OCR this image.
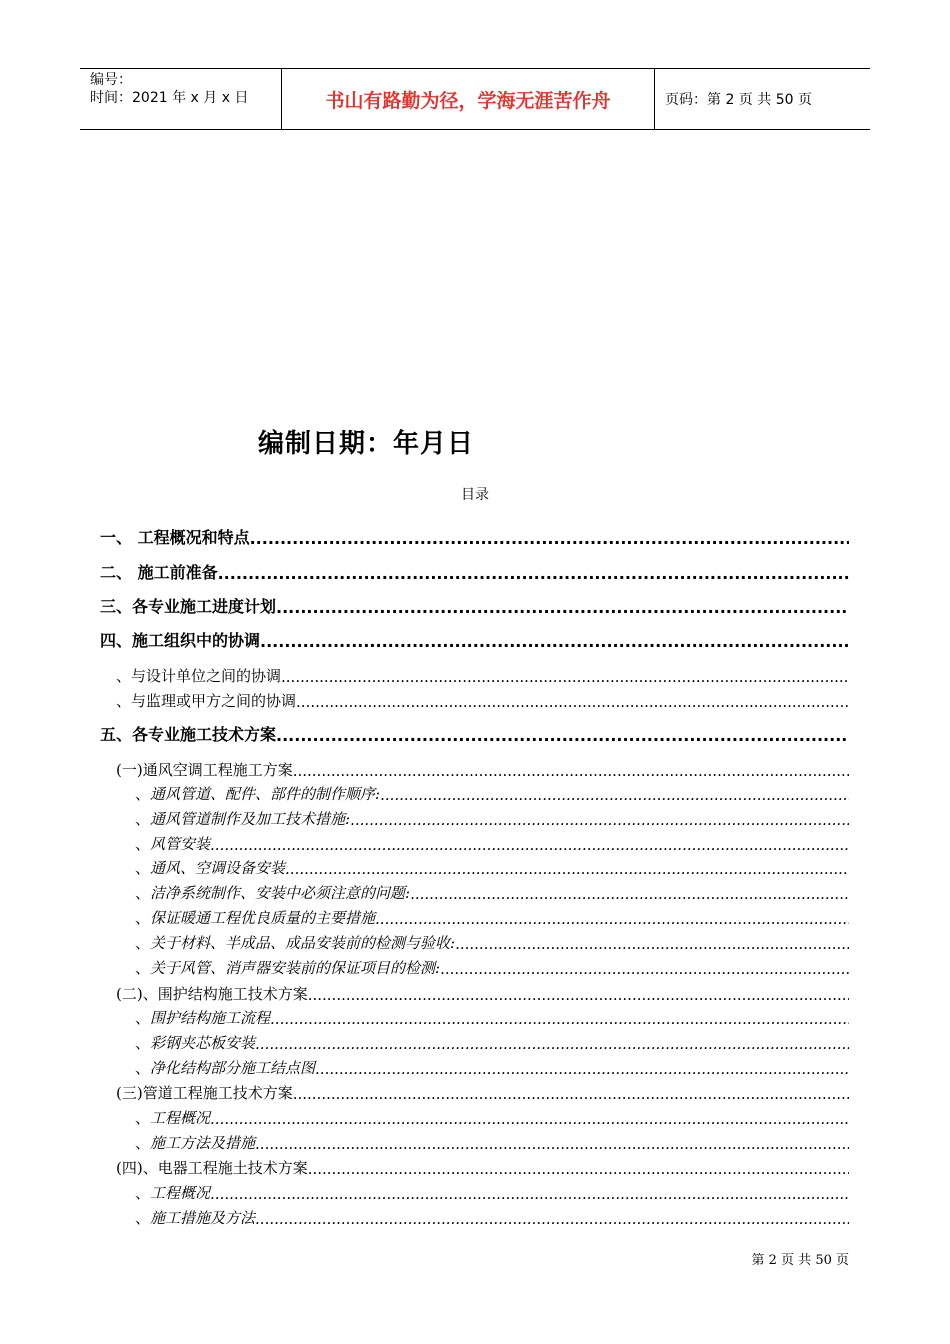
编号：
时间：2021 年 x 月 x 日	书山有路勤为径，学海无涯苦作舟	页码：第 2 页 共 50 页
编制日期：年月日
目录
一、 工程概况和特点
.....
二、 施工前准备
.....
三、各专业施工进度计划
.....
四、施工组织中的协调
.....
、与设计单位之间的协调
.....
、与监理或甲方之间的协调
.....
五、各专业施工技术方案
.....
(一)通风空调工程施工方案
.....
、 通风管道、配件、部件的制作顺序:
.....
、 通风管道制作及加工技术措施:
.....
、 风管安装
.....
、 通风、空调设备安装
.....
、 洁净系统制作、安装中必须注意的问题:
.....
、 保证暖通工程优良质量的主要措施
.....
、 关于材料、半成品、成品安装前的检测与验收:
.....
、 关于风管、消声器安装前的保证项目的检测:
.....
(二)、围护结构施工技术方案
.....
、 围护结构施工流程
.....
、 彩钢夹芯板安装
.....
、 净化结构部分施工结点图
.....
(三)管道工程施工技术方案
.....
、 工程概况
.....
、 施工方法及措施
.....
(四)、电器工程施土技术方案
.....
、 工程概况
.....
、 施工措施及方法
.....
第 2 页 共 50 页
